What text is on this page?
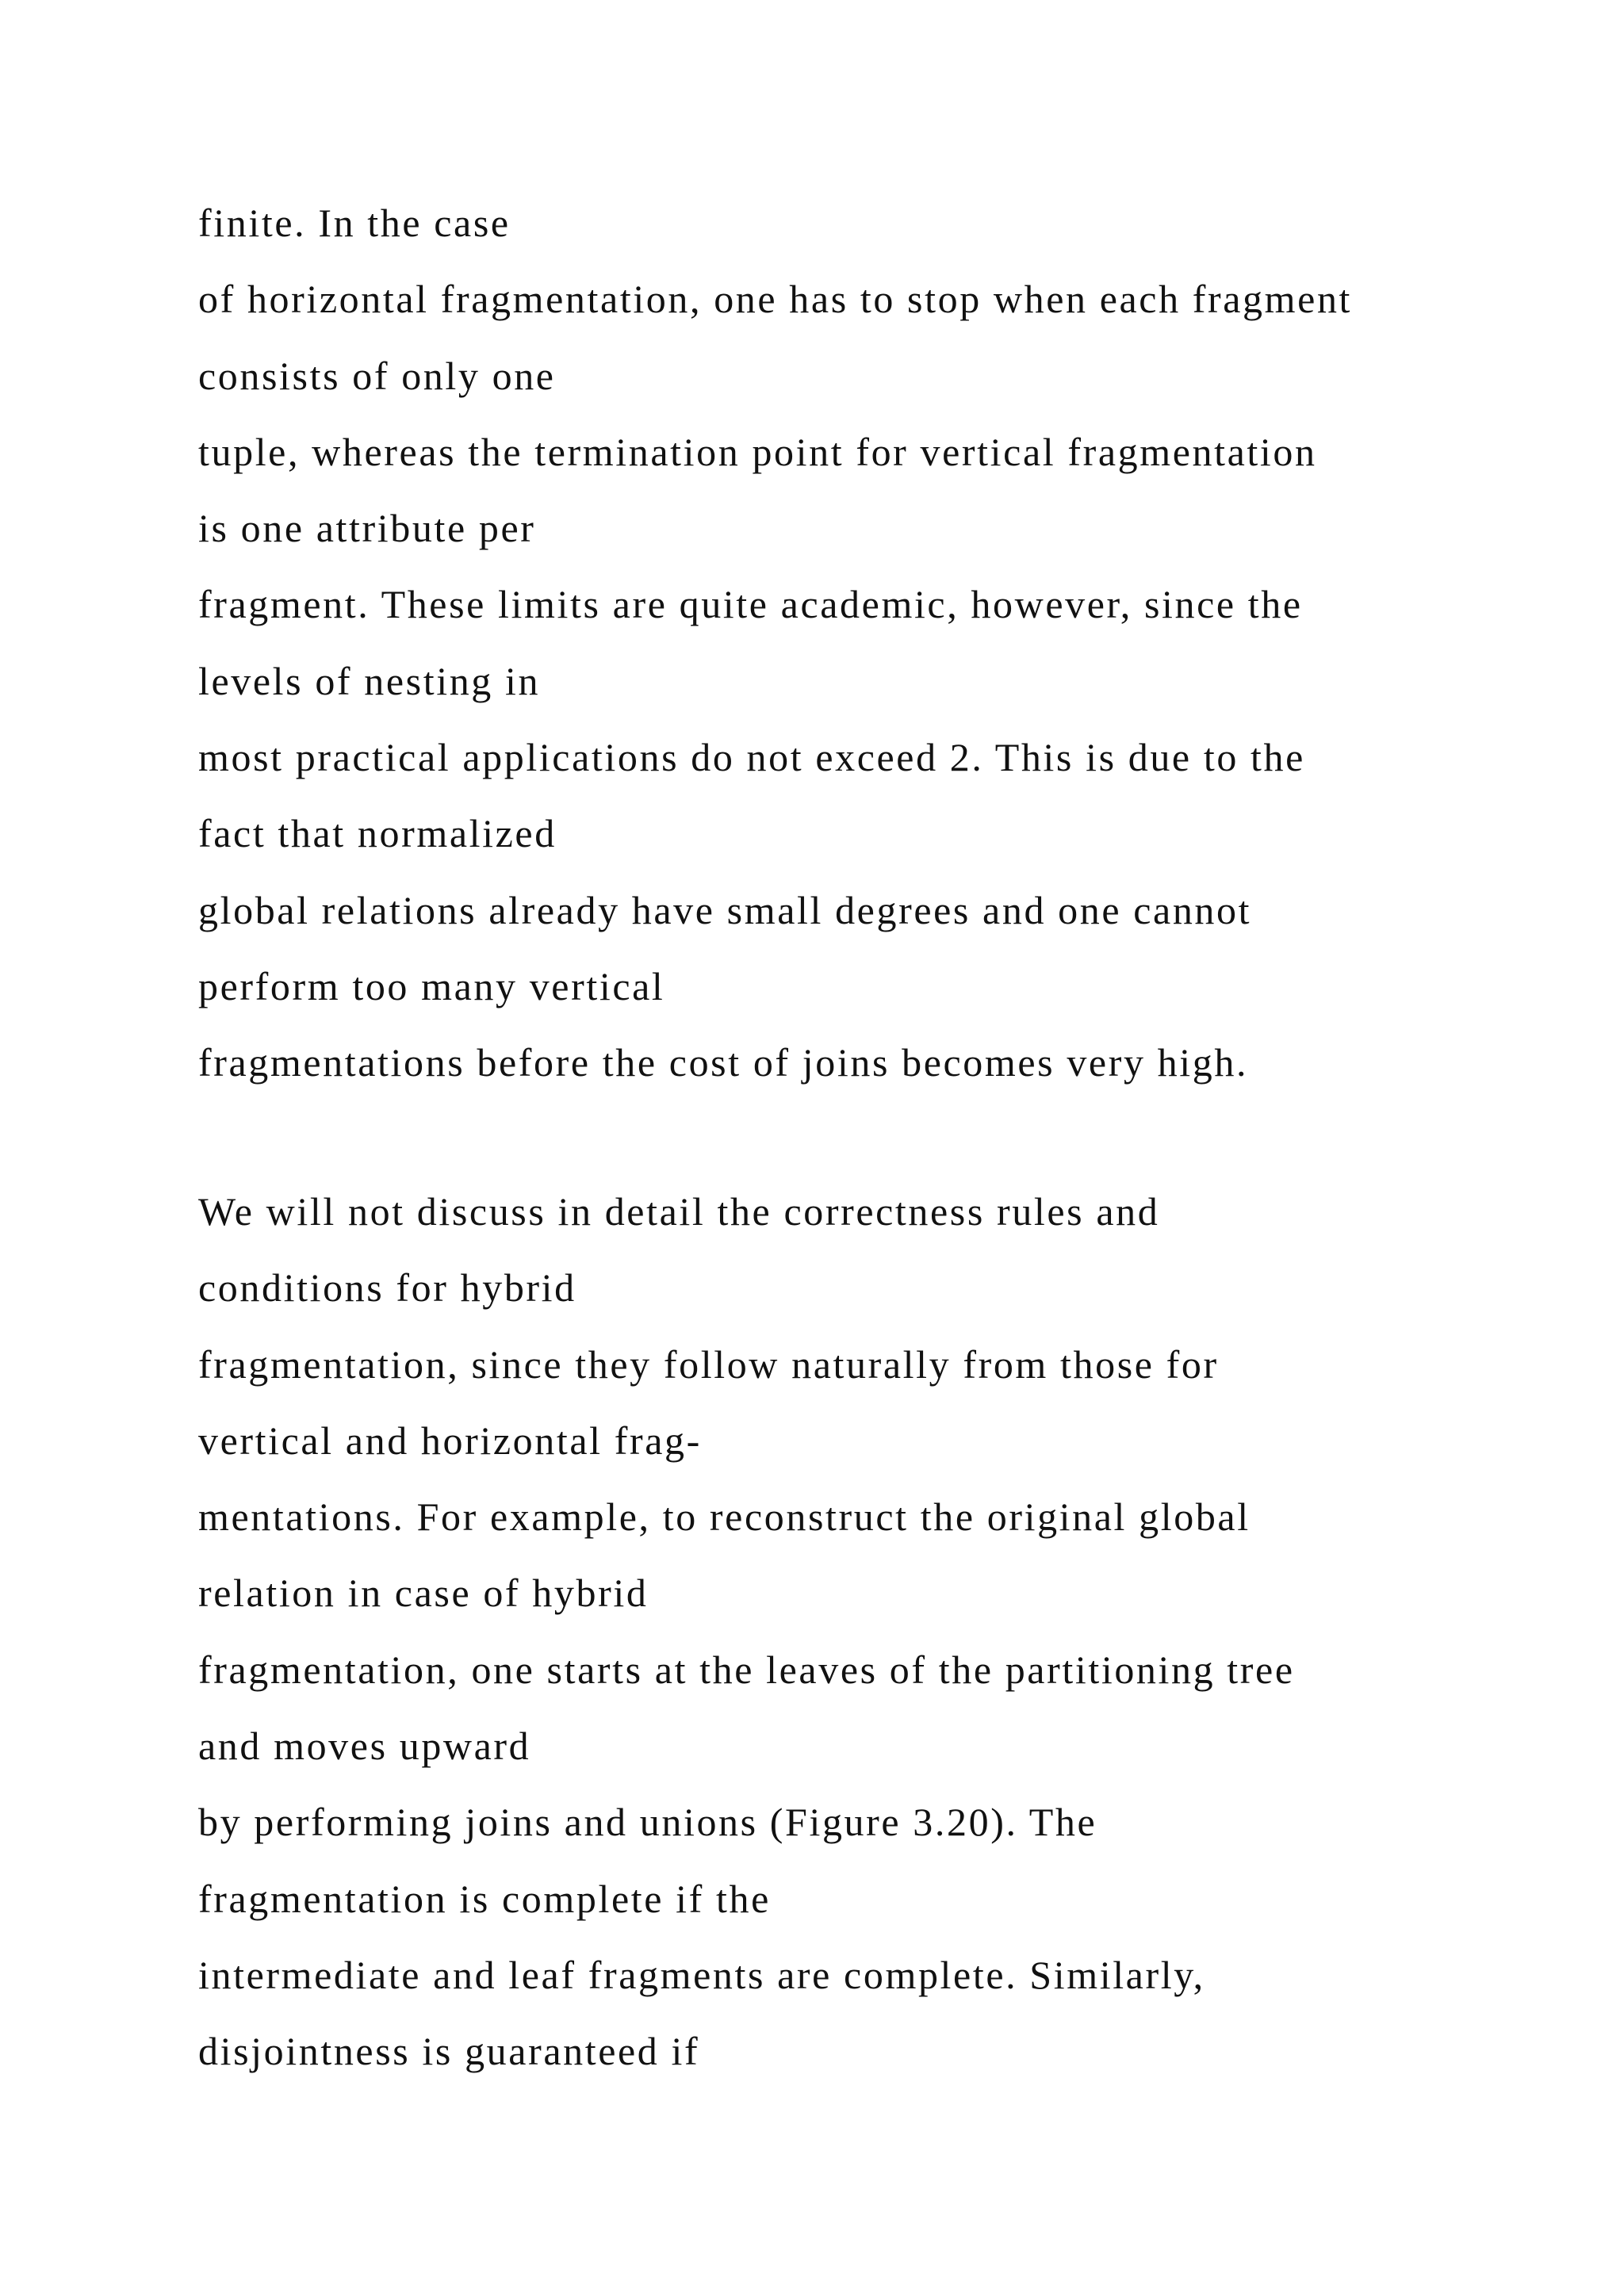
finite. In the case
of horizontal fragmentation, one has to stop when each fragment
consists of only one
tuple, whereas the termination point for vertical fragmentation
is one attribute per
fragment. These limits are quite academic, however, since the
levels of nesting in
most practical applications do not exceed 2. This is due to the
fact that normalized
global relations already have small degrees and one cannot
perform too many vertical
fragmentations before the cost of joins becomes very high.
We will not discuss in detail the correctness rules and
conditions for hybrid
fragmentation, since they follow naturally from those for
vertical and horizontal frag-
mentations. For example, to reconstruct the original global
relation in case of hybrid
fragmentation, one starts at the leaves of the partitioning tree
and moves upward
by performing joins and unions (Figure 3.20). The
fragmentation is complete if the
intermediate and leaf fragments are complete. Similarly,
disjointness is guaranteed if
